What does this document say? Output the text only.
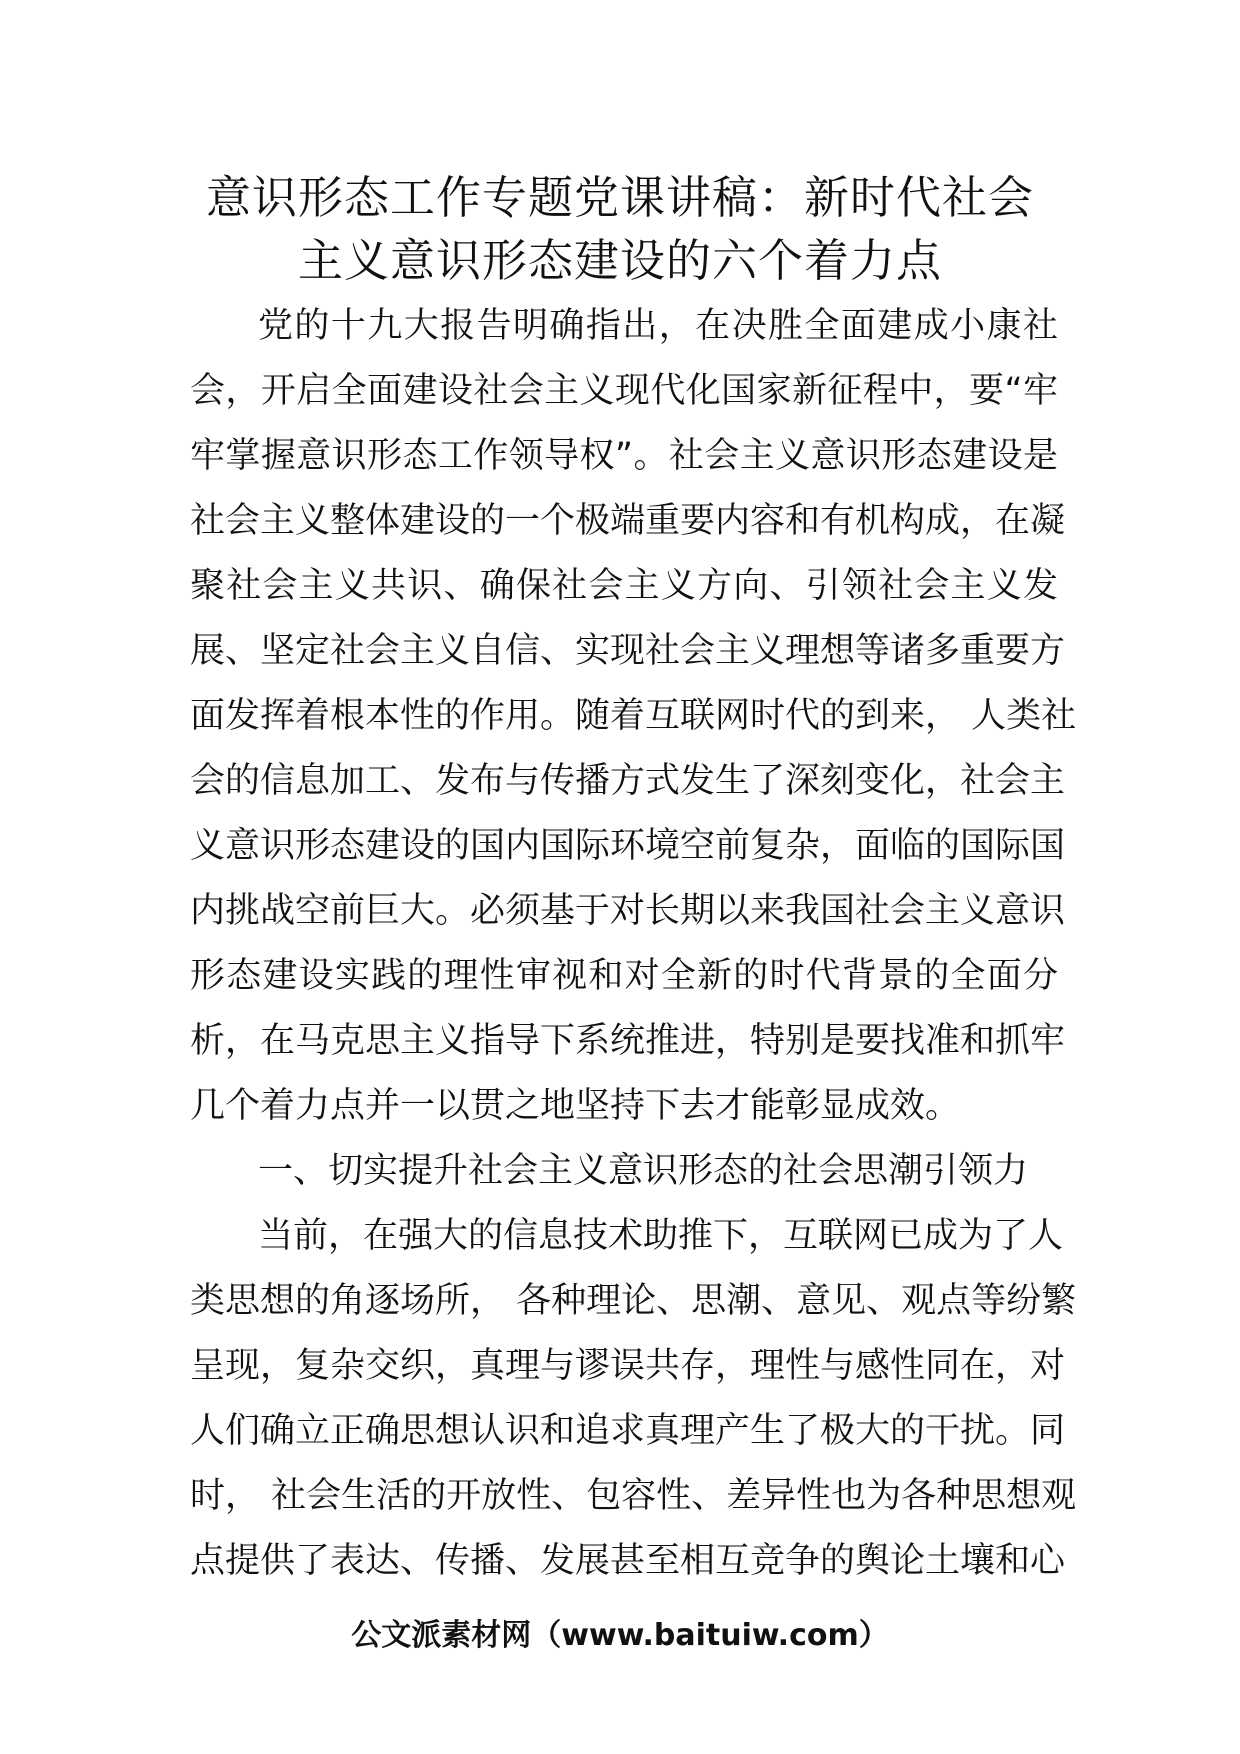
意识形态工作专题党课讲稿：新时代社会
主义意识形态建设的六个着力点
党的十九大报告明确指出，在决胜全面建成小康社
会，开启全面建设社会主义现代化国家新征程中，要“牢
牢掌握意识形态工作领导权”。社会主义意识形态建设是
社会主义整体建设的一个极端重要内容和有机构成，在凝
聚社会主义共识、确保社会主义方向、引领社会主义发
展、坚定社会主义自信、实现社会主义理想等诸多重要方
面发挥着根本性的作用。随着互联网时代的到来， 人类社
会的信息加工、发布与传播方式发生了深刻变化，社会主
义意识形态建设的国内国际环境空前复杂，面临的国际国
内挑战空前巨大。必须基于对长期以来我国社会主义意识
形态建设实践的理性审视和对全新的时代背景的全面分
析，在马克思主义指导下系统推进，特别是要找准和抓牢
几个着力点并一以贯之地坚持下去才能彰显成效。
一、切实提升社会主义意识形态的社会思潮引领力
当前，在强大的信息技术助推下，互联网已成为了人
类思想的角逐场所， 各种理论、思潮、意见、观点等纷繁
呈现，复杂交织，真理与谬误共存，理性与感性同在，对
人们确立正确思想认识和追求真理产生了极大的干扰。同
时， 社会生活的开放性、包容性、差异性也为各种思想观
点提供了表达、传播、发展甚至相互竞争的舆论土壤和心
公文派素材网（www.baituiw.com）
